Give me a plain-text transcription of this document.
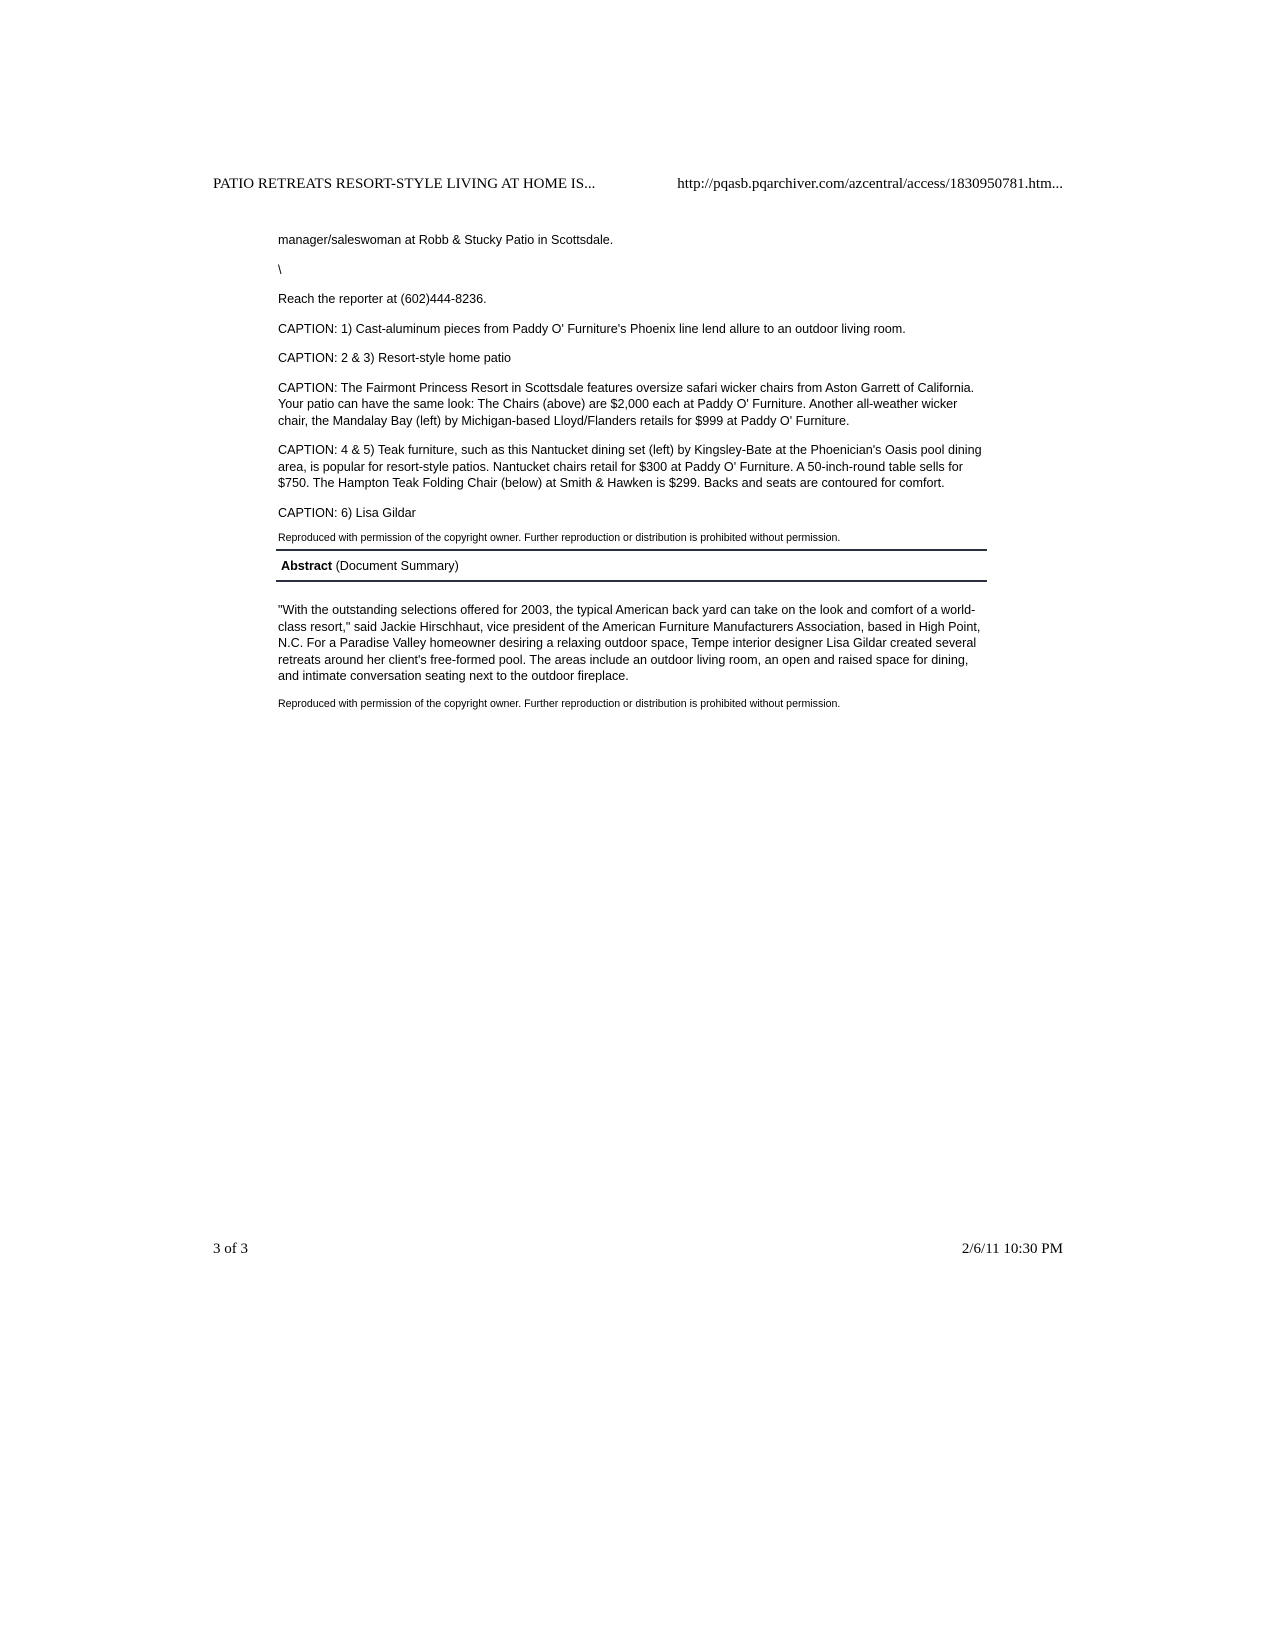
PATIO RETREATS RESORT-STYLE LIVING AT HOME IS...	http://pqasb.pqarchiver.com/azcentral/access/1830950781.htm...

manager/saleswoman at Robb & Stucky Patio in Scottsdale.

\

Reach the reporter at (602)444-8236.

CAPTION: 1) Cast-aluminum pieces from Paddy O' Furniture's Phoenix line lend allure to an outdoor living room.

CAPTION: 2 & 3) Resort-style home patio

CAPTION: The Fairmont Princess Resort in Scottsdale features oversize safari wicker chairs from Aston Garrett of California. Your patio can have the same look: The Chairs (above) are $2,000 each at Paddy O' Furniture. Another all-weather wicker chair, the Mandalay Bay (left) by Michigan-based Lloyd/Flanders retails for $999 at Paddy O' Furniture.

CAPTION: 4 & 5) Teak furniture, such as this Nantucket dining set (left) by Kingsley-Bate at the Phoenician's Oasis pool dining area, is popular for resort-style patios. Nantucket chairs retail for $300 at Paddy O' Furniture. A 50-inch-round table sells for $750. The Hampton Teak Folding Chair (below) at Smith & Hawken is $299. Backs and seats are contoured for comfort.

CAPTION: 6) Lisa Gildar

Reproduced with permission of the copyright owner. Further reproduction or distribution is prohibited without permission.

Abstract (Document Summary)

"With the outstanding selections offered for 2003, the typical American back yard can take on the look and comfort of a world-class resort," said Jackie Hirschhaut, vice president of the American Furniture Manufacturers Association, based in High Point, N.C. For a Paradise Valley homeowner desiring a relaxing outdoor space, Tempe interior designer Lisa Gildar created several retreats around her client's free-formed pool. The areas include an outdoor living room, an open and raised space for dining, and intimate conversation seating next to the outdoor fireplace.

Reproduced with permission of the copyright owner. Further reproduction or distribution is prohibited without permission.

3 of 3	2/6/11 10:30 PM
